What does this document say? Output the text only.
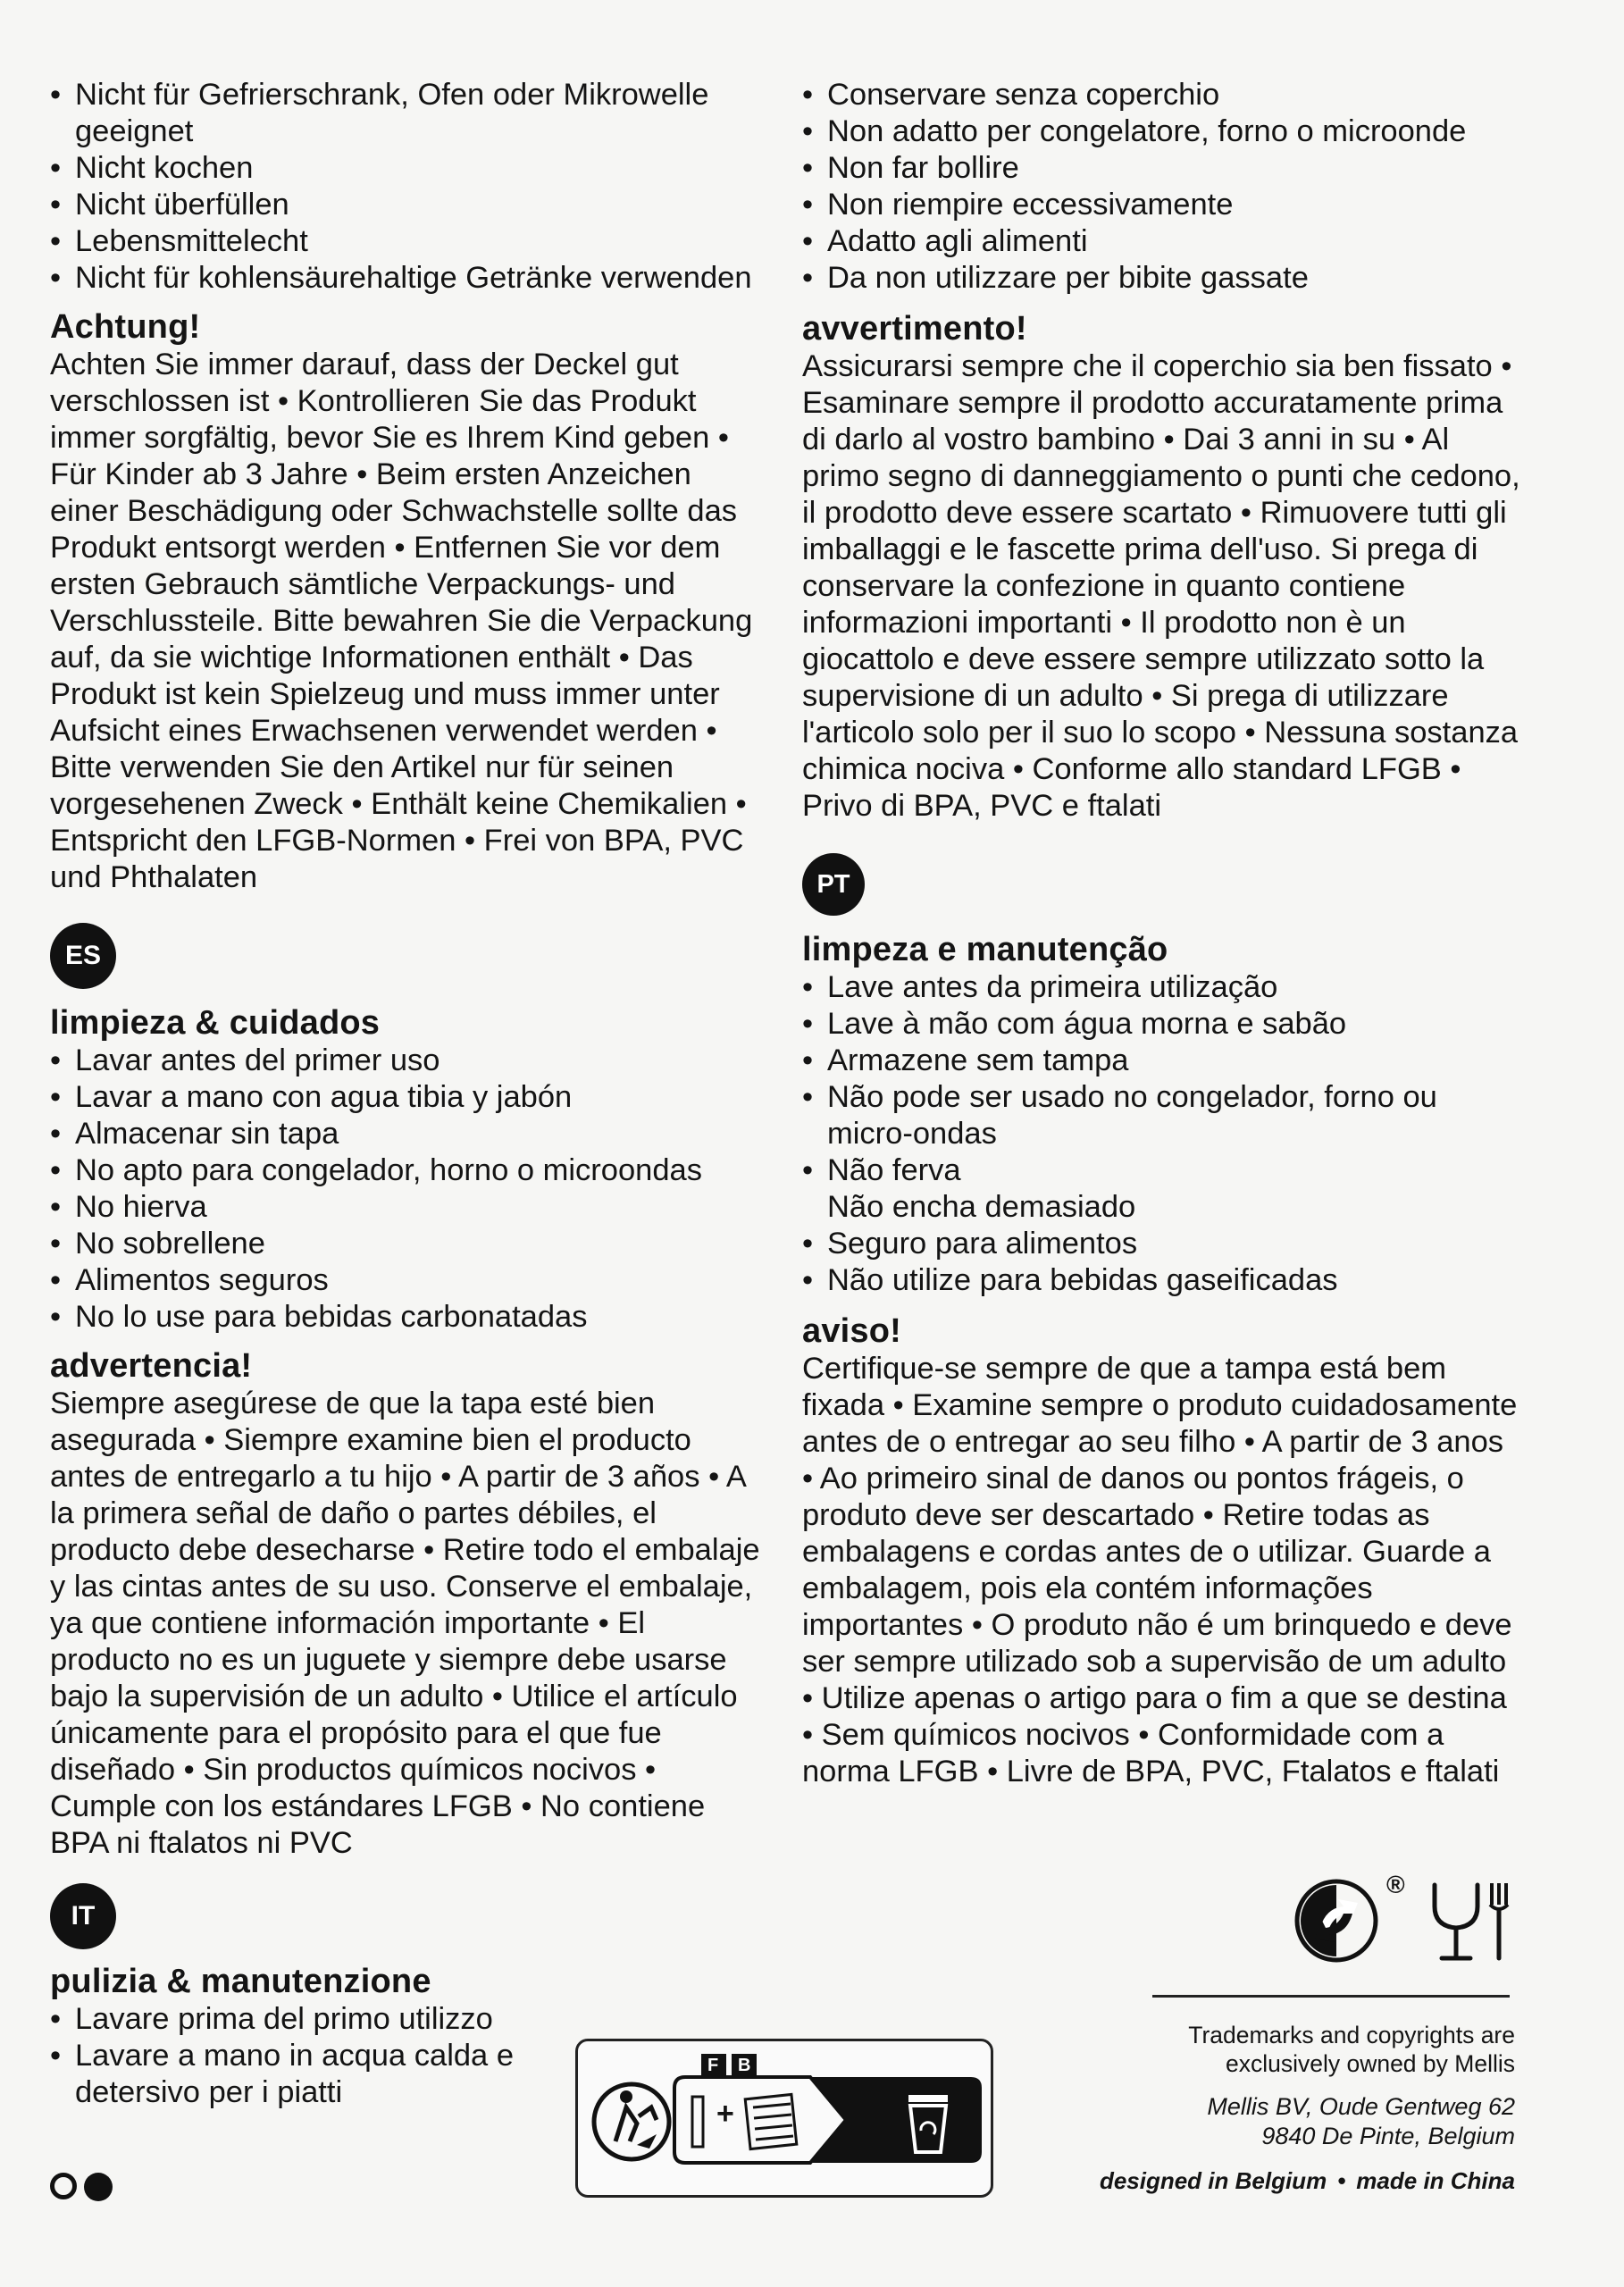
• Nicht für Gefrierschrank, Ofen oder Mikrowelle geeignet
• Nicht kochen
• Nicht überfüllen
• Lebensmittelecht
• Nicht für kohlensäurehaltige Getränke verwenden
Achtung!

Achten Sie immer darauf, dass der Deckel gut verschlossen ist • Kontrollieren Sie das Produkt immer sorgfältig, bevor Sie es Ihrem Kind geben • Für Kinder ab 3 Jahre • Beim ersten Anzeichen einer Beschädigung oder Schwachstelle sollte das Produkt entsorgt werden • Entfernen Sie vor dem ersten Gebrauch sämtliche Verpackungs- und Verschlussteile. Bitte bewahren Sie die Verpackung auf, da sie wichtige Informationen enthält • Das Produkt ist kein Spielzeug und muss immer unter Aufsicht eines Erwachsenen verwendet werden • Bitte verwenden Sie den Artikel nur für seinen vorgesehenen Zweck • Enthält keine Chemikalien • Entspricht den LFGB-Normen • Frei von BPA, PVC und Phthalaten

ES
limpieza & cuidados
• Lavar antes del primer uso
• Lavar a mano con agua tibia y jabón
• Almacenar sin tapa
• No apto para congelador, horno o microondas
• No hierva
• No sobrellene
• Alimentos seguros
• No lo use para bebidas carbonatadas
advertencia!

Siempre asegúrese de que la tapa esté bien asegurada • Siempre examine bien el producto antes de entregarlo a tu hijo • A partir de 3 años • A la primera señal de daño o partes débiles, el producto debe desecharse • Retire todo el embalaje y las cintas antes de su uso. Conserve el embalaje, ya que contiene información importante • El producto no es un juguete y siempre debe usarse bajo la supervisión de un adulto • Utilice el artículo únicamente para el propósito para el que fue diseñado • Sin productos químicos nocivos • Cumple con los estándares LFGB • No contiene BPA ni ftalatos ni PVC

IT
pulizia & manutenzione
• Lavare prima del primo utilizzo
• Lavare a mano in acqua calda e detersivo per i piatti
• Conservare senza coperchio
• Non adatto per congelatore, forno o microonde
• Non far bollire
• Non riempire eccessivamente
• Adatto agli alimenti
• Da non utilizzare per bibite gassate
avvertimento!

Assicurarsi sempre che il coperchio sia ben fissato • Esaminare sempre il prodotto accuratamente prima di darlo al vostro bambino • Dai 3 anni in su • Al primo segno di danneggiamento o punti che cedono, il prodotto deve essere scartato • Rimuovere tutti gli imballaggi e le fascette prima dell'uso. Si prega di conservare la confezione in quanto contiene informazioni importanti • Il prodotto non è un giocattolo e deve essere sempre utilizzato sotto la supervisione di un adulto • Si prega di utilizzare l'articolo solo per il suo lo scopo • Nessuna sostanza chimica nociva • Conforme allo standard LFGB • Privo di BPA, PVC e ftalati

PT
limpeza e manutenção
• Lave antes da primeira utilização
• Lave à mão com água morna e sabão
• Armazene sem tampa
• Não pode ser usado no congelador, forno ou micro-ondas
• Não ferva
Não encha demasiado
• Seguro para alimentos
• Não utilize para bebidas gaseificadas
aviso!

Certifique-se sempre de que a tampa está bem fixada • Examine sempre o produto cuidadosamente antes de o entregar ao seu filho • A partir de 3 anos • Ao primeiro sinal de danos ou pontos frágeis, o produto deve ser descartado • Retire todas as embalagens e cordas antes de o utilizar. Guarde a embalagem, pois ela contém informações importantes • O produto não é um brinquedo e deve ser sempre utilizado sob a supervisão de um adulto • Utilize apenas o artigo para o fim a que se destina • Sem químicos nocivos • Conformidade com a norma LFGB • Livre de BPA, PVC, Ftalatos e ftalati

®
F B
+
Trademarks and copyrights are exclusively owned by Mellis
Mellis BV, Oude Gentweg 62
9840 De Pinte, Belgium
designed in Belgium • made in China
